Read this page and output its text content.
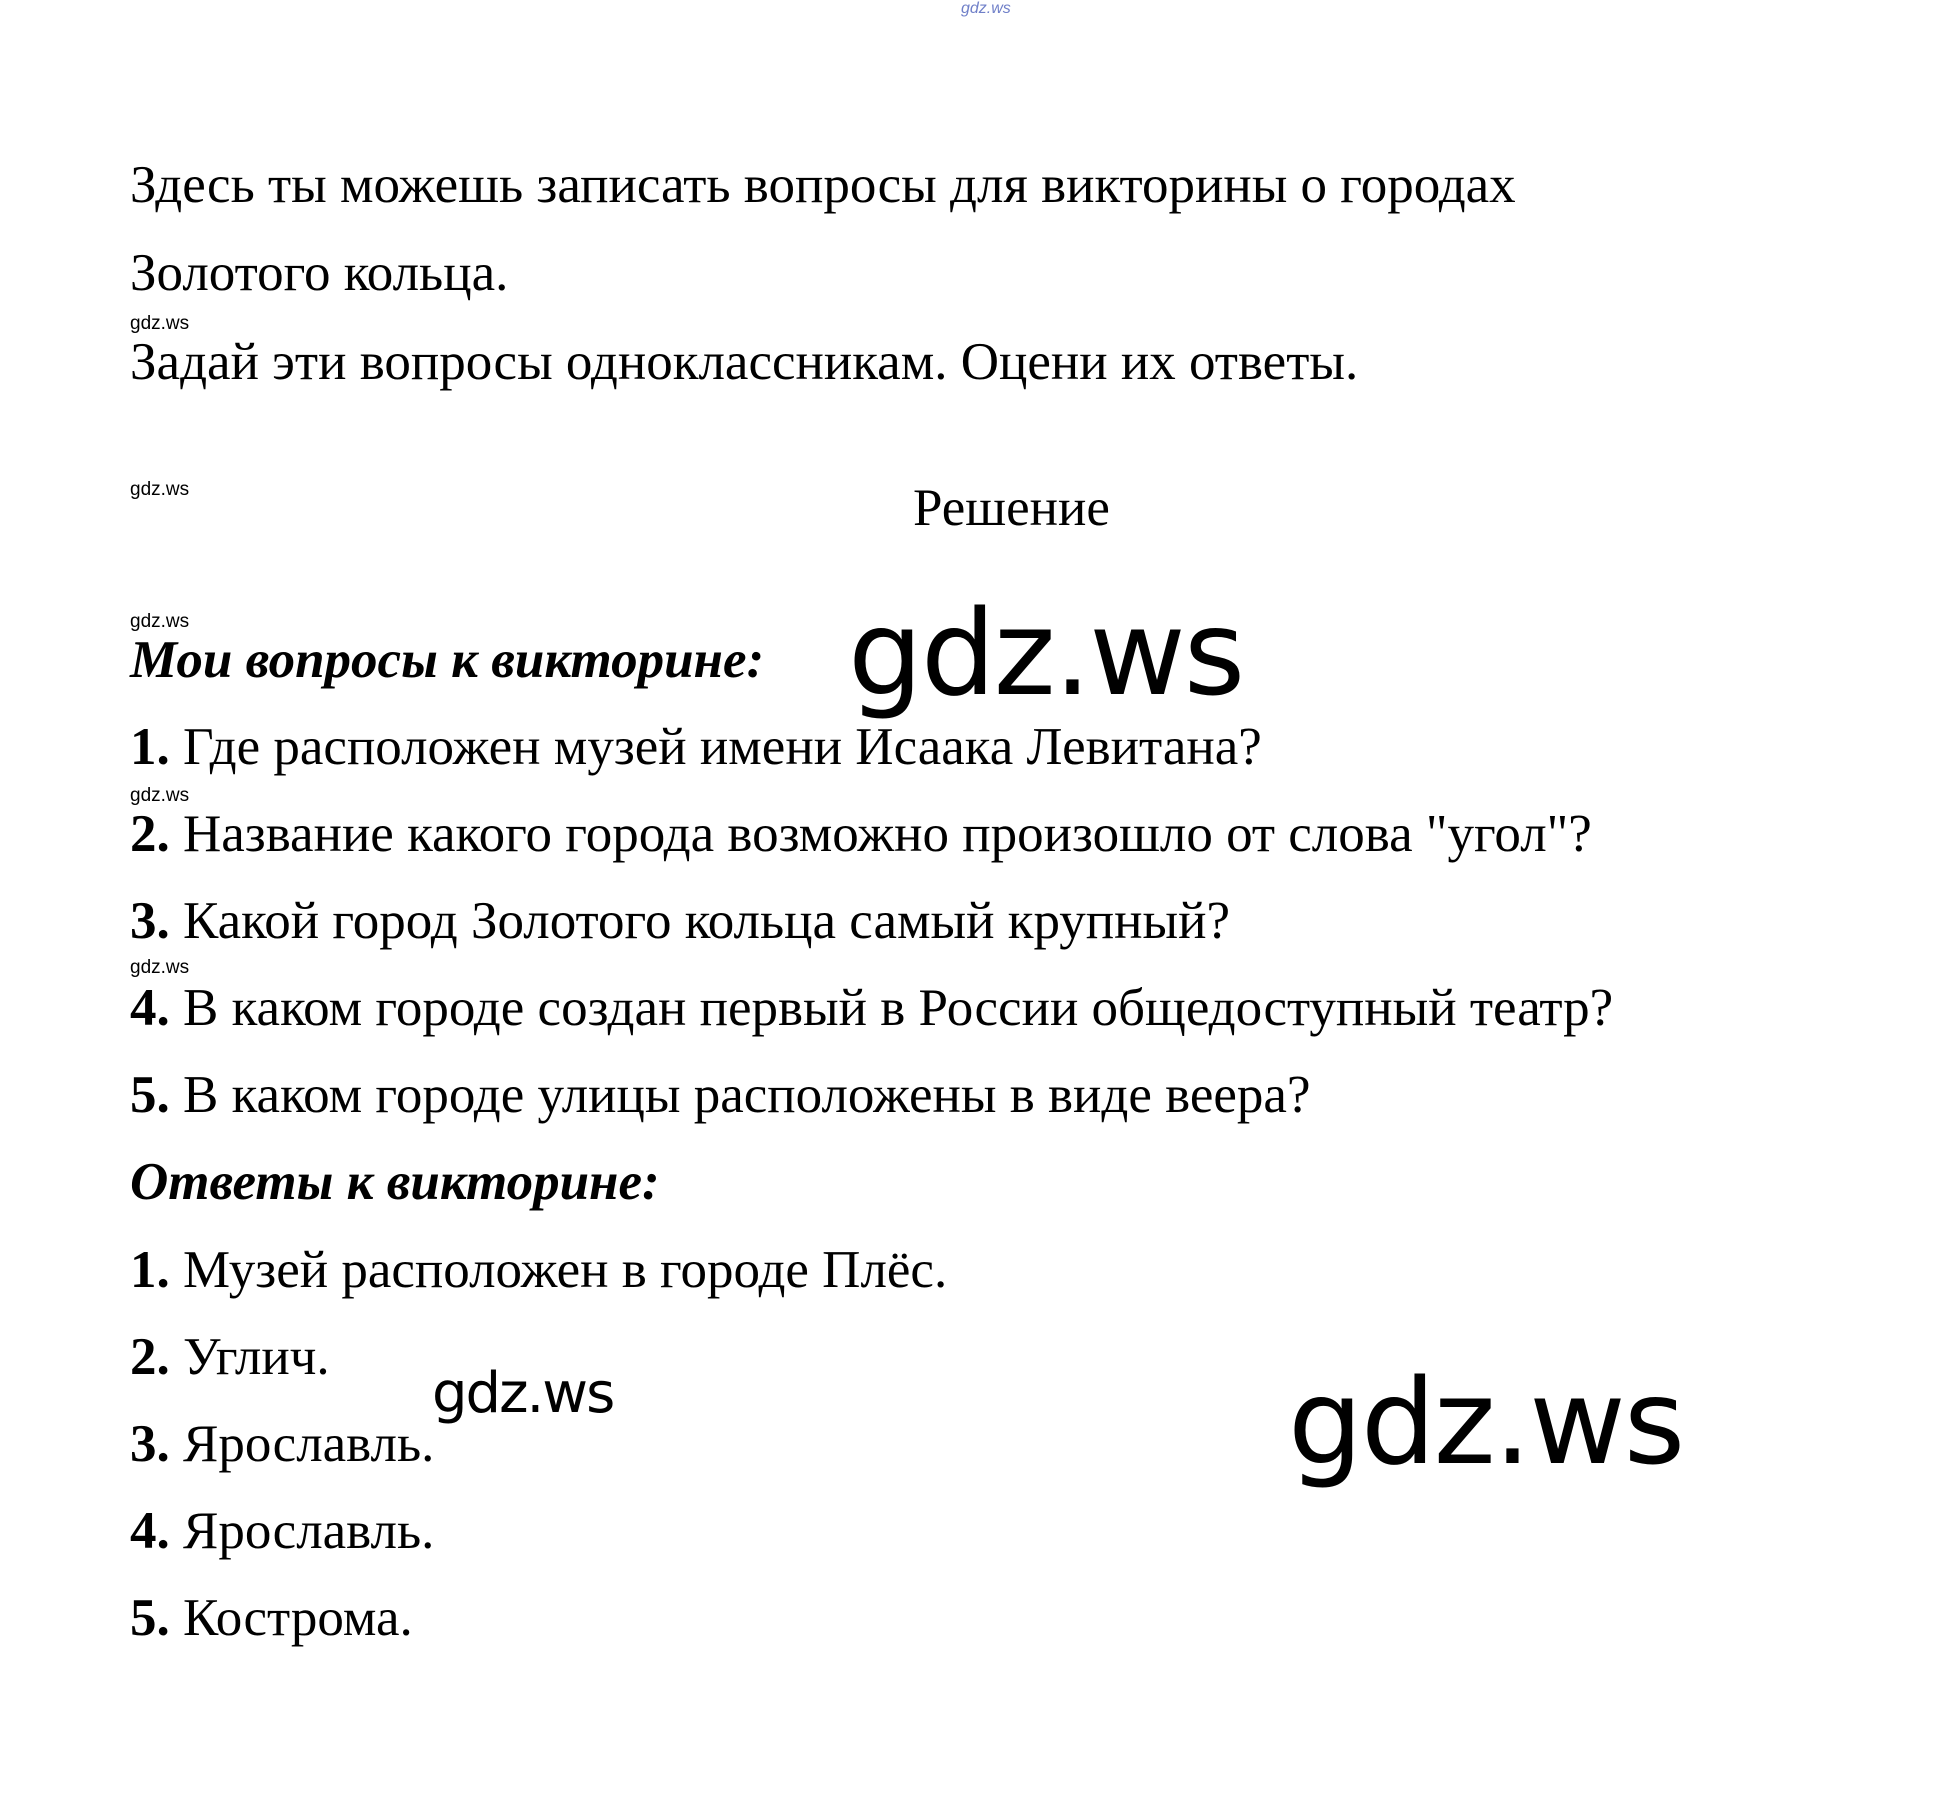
gdz.ws
Здесь ты можешь записать вопросы для викторины о городах
Золотого кольца.
gdz.ws
Задай эти вопросы одноклассникам. Оцени их ответы.
gdz.ws	Решение
gdz.ws
Мои вопросы к викторине: gdz.ws
1. Где расположен музей имени Исаака Левитана?
gdz.ws
2. Название какого города возможно произошло от слова "угол"?
3. Какой город Золотого кольца самый крупный?
gdz.ws
4. В каком городе создан первый в России общедоступный театр?
5. В каком городе улицы расположены в виде веера?
Ответы к викторине:
1. Музей расположен в городе Плёс.
2. Углич.
3. Ярославль.
4. Ярославль.
5. Кострома.
gdz.ws	gdz.ws
